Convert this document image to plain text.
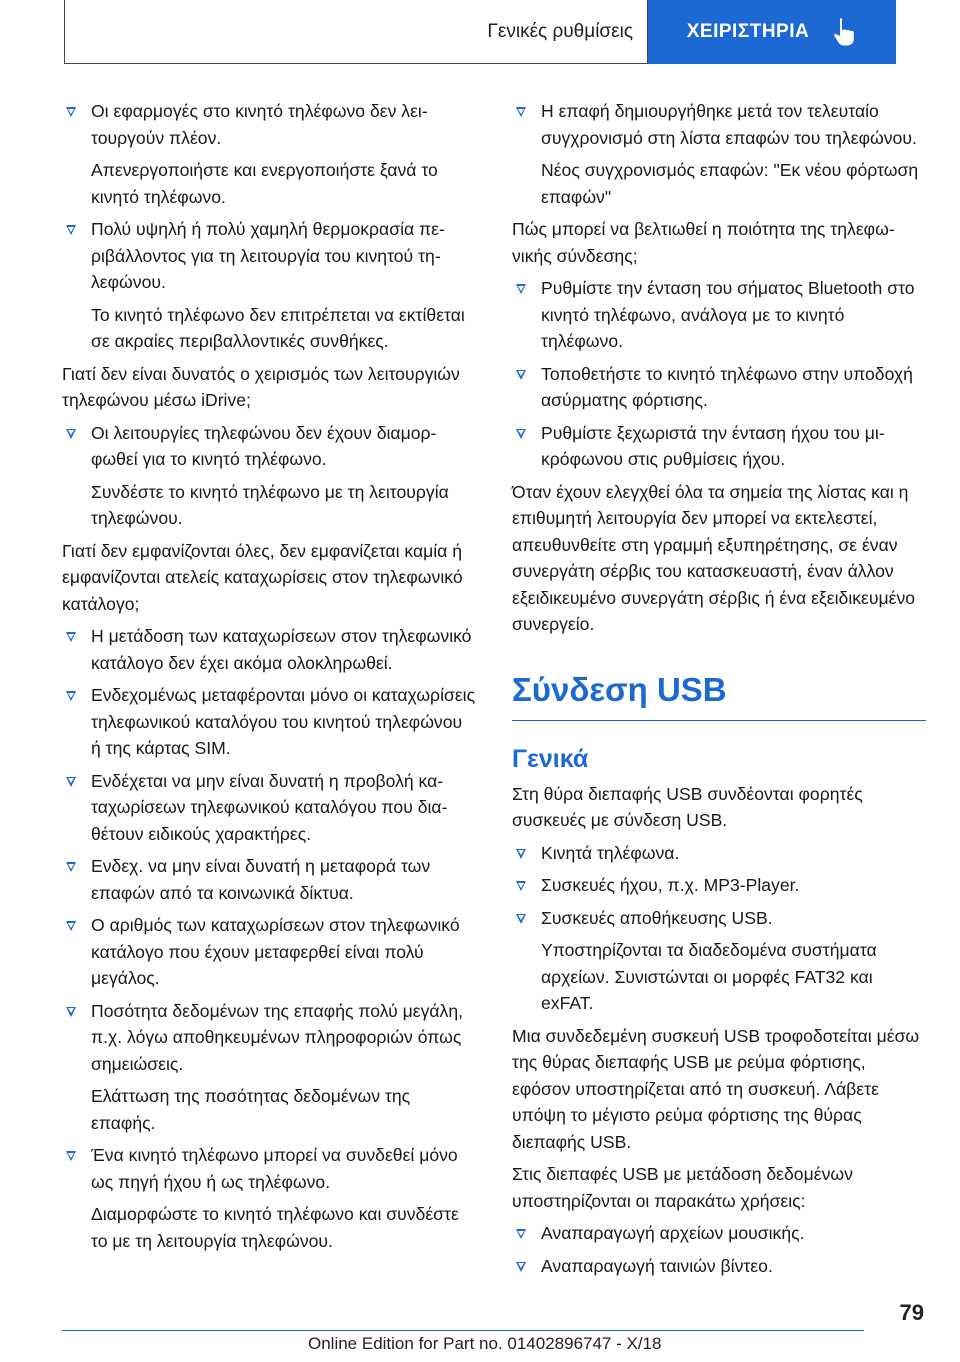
Γενικές ρυθμίσεις	ΧΕΙΡΙΣΤΗΡΙΑ
Οι εφαρμογές στο κινητό τηλέφωνο δεν λειτουργούν πλέον.
Απενεργοποιήστε και ενεργοποιήστε ξανά το κινητό τηλέφωνο.
Πολύ υψηλή ή πολύ χαμηλή θερμοκρασία περιβάλλοντος για τη λειτουργία του κινητού τηλεφώνου.
Το κινητό τηλέφωνο δεν επιτρέπεται να εκτίθεται σε ακραίες περιβαλλοντικές συνθήκες.
Γιατί δεν είναι δυνατός ο χειρισμός των λειτουργιών τηλεφώνου μέσω iDrive;
Οι λειτουργίες τηλεφώνου δεν έχουν διαμορφωθεί για το κινητό τηλέφωνο.
Συνδέστε το κινητό τηλέφωνο με τη λειτουργία τηλεφώνου.
Γιατί δεν εμφανίζονται όλες, δεν εμφανίζεται καμία ή εμφανίζονται ατελείς καταχωρίσεις στον τηλεφωνικό κατάλογο;
Η μετάδοση των καταχωρίσεων στον τηλεφωνικό κατάλογο δεν έχει ακόμα ολοκληρωθεί.
Ενδεχομένως μεταφέρονται μόνο οι καταχωρίσεις τηλεφωνικού καταλόγου του κινητού τηλεφώνου ή της κάρτας SIM.
Ενδέχεται να μην είναι δυνατή η προβολή καταχωρίσεων τηλεφωνικού καταλόγου που διαθέτουν ειδικούς χαρακτήρες.
Ενδεχ. να μην είναι δυνατή η μεταφορά των επαφών από τα κοινωνικά δίκτυα.
Ο αριθμός των καταχωρίσεων στον τηλεφωνικό κατάλογο που έχουν μεταφερθεί είναι πολύ μεγάλος.
Ποσότητα δεδομένων της επαφής πολύ μεγάλη, π.χ. λόγω αποθηκευμένων πληροφοριών όπως σημειώσεις.
Ελάττωση της ποσότητας δεδομένων της επαφής.
Ένα κινητό τηλέφωνο μπορεί να συνδεθεί μόνο ως πηγή ήχου ή ως τηλέφωνο.
Διαμορφώστε το κινητό τηλέφωνο και συνδέστε το με τη λειτουργία τηλεφώνου.
Η επαφή δημιουργήθηκε μετά τον τελευταίο συγχρονισμό στη λίστα επαφών του τηλεφώνου.
Νέος συγχρονισμός επαφών: "Εκ νέου φόρτωση επαφών"
Πώς μπορεί να βελτιωθεί η ποιότητα της τηλεφωνικής σύνδεσης;
Ρυθμίστε την ένταση του σήματος Bluetooth στο κινητό τηλέφωνο, ανάλογα με το κινητό τηλέφωνο.
Τοποθετήστε το κινητό τηλέφωνο στην υποδοχή ασύρματης φόρτισης.
Ρυθμίστε ξεχωριστά την ένταση ήχου του μικρόφωνου στις ρυθμίσεις ήχου.
Όταν έχουν ελεγχθεί όλα τα σημεία της λίστας και η επιθυμητή λειτουργία δεν μπορεί να εκτελεστεί, απευθυνθείτε στη γραμμή εξυπηρέτησης, σε έναν συνεργάτη σέρβις του κατασκευαστή, έναν άλλον εξειδικευμένο συνεργάτη σέρβις ή ένα εξειδικευμένο συνεργείο.
Σύνδεση USB
Γενικά
Στη θύρα διεπαφής USB συνδέονται φορητές συσκευές με σύνδεση USB.
Κινητά τηλέφωνα.
Συσκευές ήχου, π.χ. MP3-Player.
Συσκευές αποθήκευσης USB.
Υποστηρίζονται τα διαδεδομένα συστήματα αρχείων. Συνιστώνται οι μορφές FAT32 και exFAT.
Μια συνδεδεμένη συσκευή USB τροφοδοτείται μέσω της θύρας διεπαφής USB με ρεύμα φόρτισης, εφόσον υποστηρίζεται από τη συσκευή. Λάβετε υπόψη το μέγιστο ρεύμα φόρτισης της θύρας διεπαφής USB.
Στις διεπαφές USB με μετάδοση δεδομένων υποστηρίζονται οι παρακάτω χρήσεις:
Αναπαραγωγή αρχείων μουσικής.
Αναπαραγωγή ταινιών βίντεο.
79
Online Edition for Part no. 01402896747 - X/18
